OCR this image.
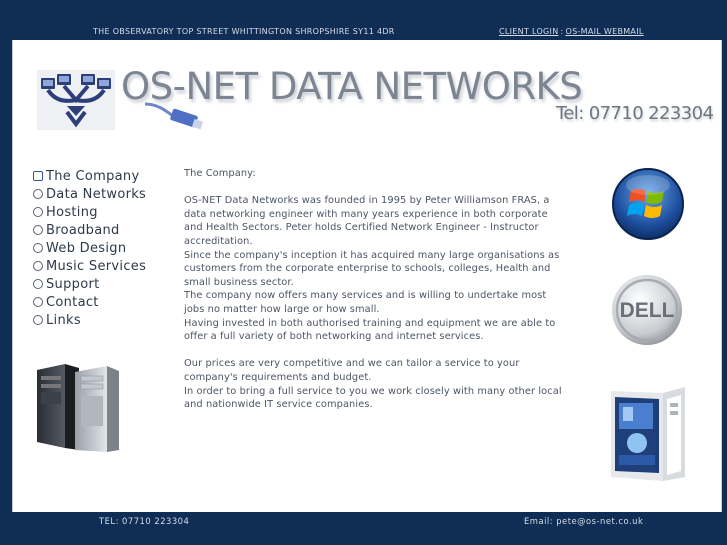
THE OBSERVATORY TOP STREET WHITTINGTON SHROPSHIRE SY11 4DR	CLIENT LOGIN : OS-MAIL WEBMAIL
OS-NET DATA NETWORKS
Tel: 07710 223304
The Company
Data Networks
Hosting
Broadband
Web Design
Music Services
Support
Contact
Links

The Company:

OS-NET Data Networks was founded in 1995 by Peter Williamson FRAS, a data networking engineer with many years experience in both corporate and Health Sectors. Peter holds Certified Network Engineer - Instructor accreditation.

Since the company's inception it has acquired many large organisations as customers from the corporate enterprise to schools, colleges, Health and small business sector.

The company now offers many services and is willing to undertake most jobs no matter how large or how small.

Having invested in both authorised training and equipment we are able to offer a full variety of both networking and internet services.

Our prices are very competitive and we can tailor a service to your company's requirements and budget.

In order to bring a full service to you we work closely with many other local and nationwide IT service companies.

DELL
TEL: 07710 223304	Email: pete@os-net.co.uk
